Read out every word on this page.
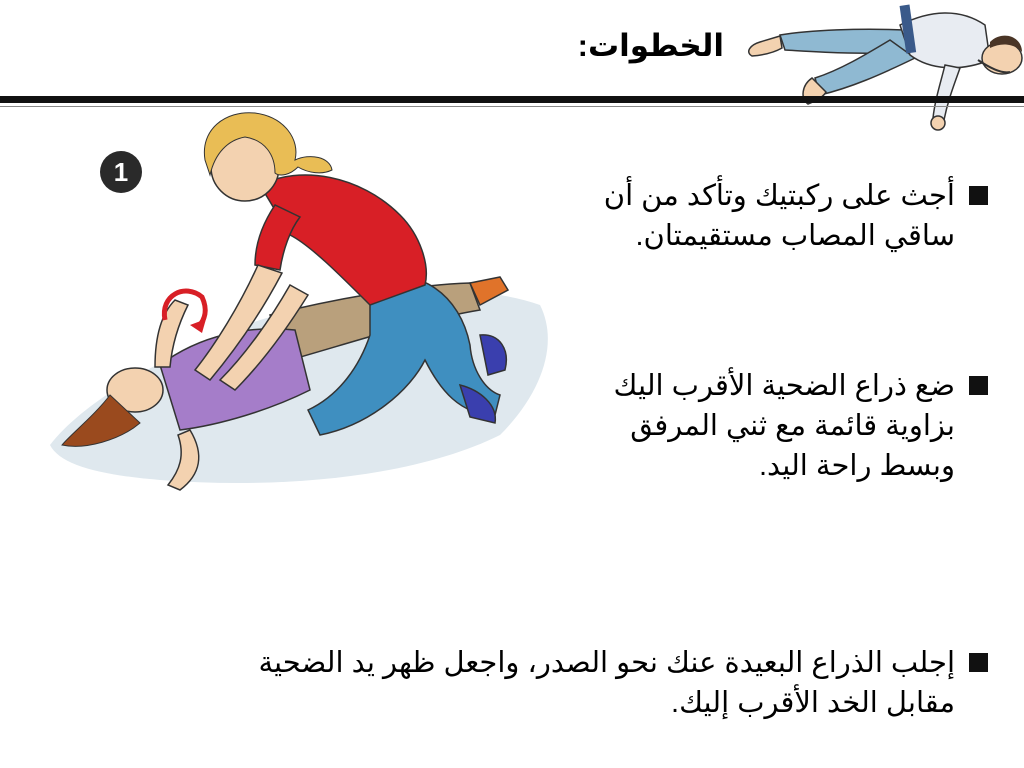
الخطوات:
1
أجث على ركبتيك وتأكد من أن
ساقي المصاب مستقيمتان.
ضع ذراع الضحية الأقرب اليك
بزاوية قائمة مع ثني المرفق
وبسط راحة اليد.
إجلب الذراع البعيدة عنك نحو الصدر، واجعل ظهر يد الضحية
مقابل الخد الأقرب إليك.
